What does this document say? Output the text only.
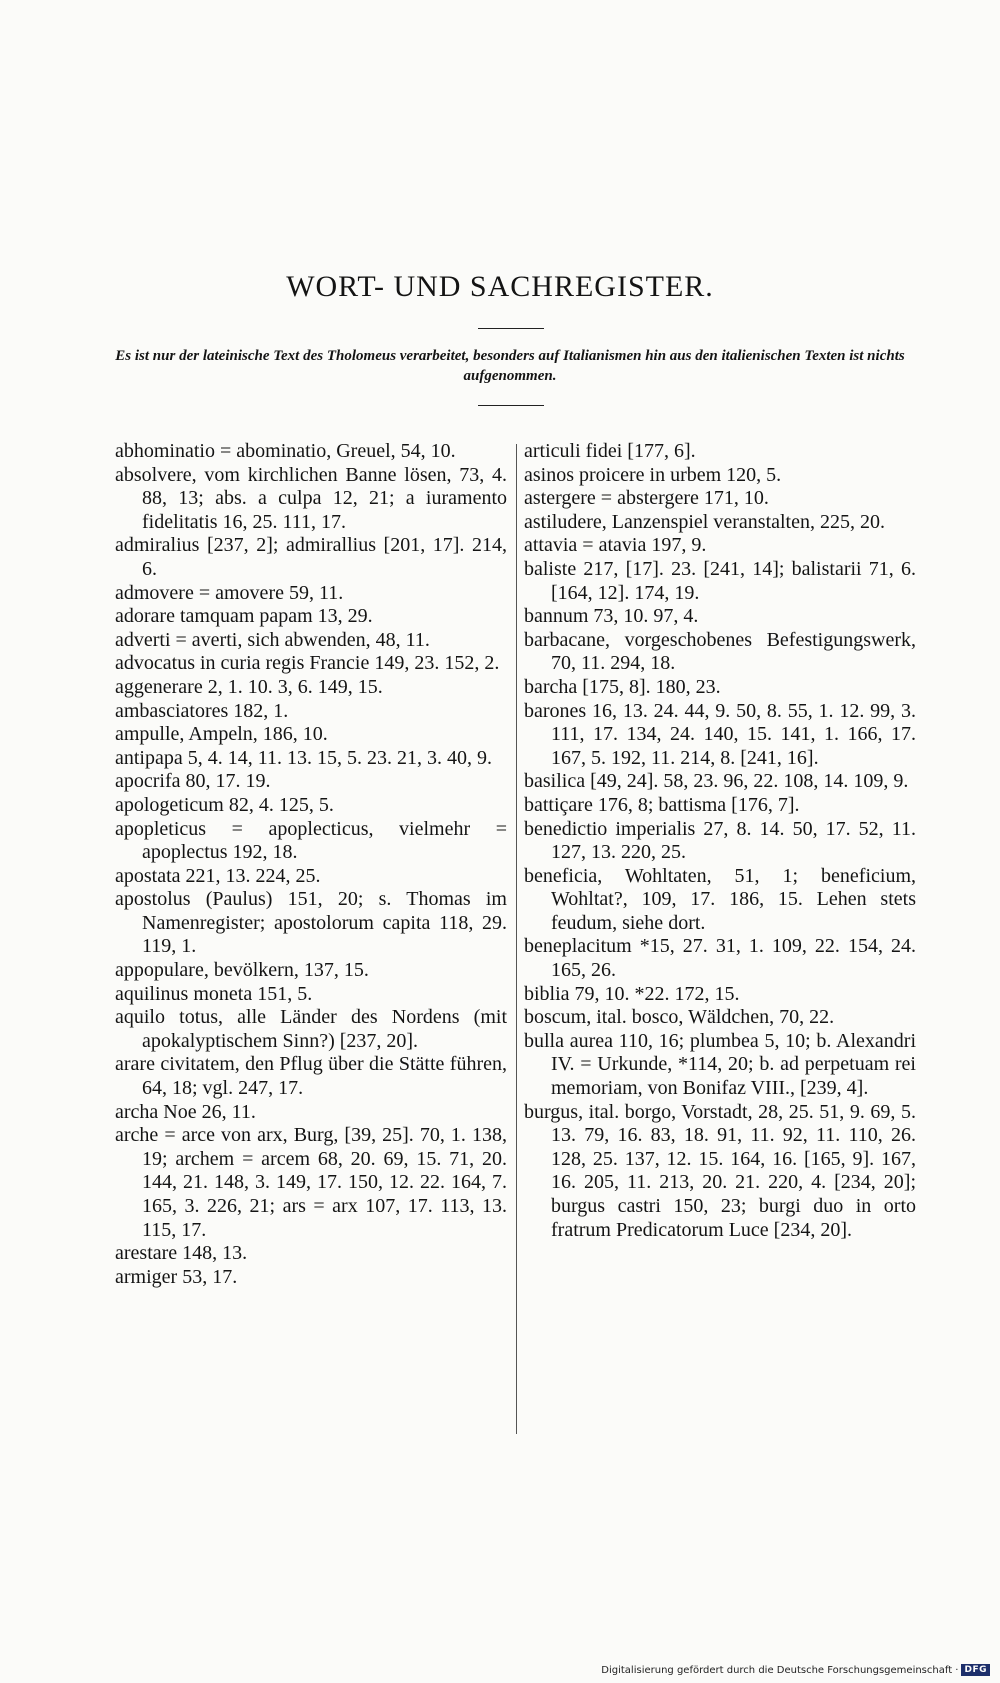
WORT- UND SACHREGISTER.
Es ist nur der lateinische Text des Tholomeus verarbeitet, besonders auf Italianismen hin aus den italienischen Texten ist nichts aufgenommen.

abhominatio = abominatio, Greuel, 54, 10.

absolvere, vom kirchlichen Banne lösen, 73, 4. 88, 13; abs. a culpa 12, 21; a iuramento fidelitatis 16, 25. 111, 17.

admiralius [237, 2]; admirallius [201, 17]. 214, 6.

admovere = amovere 59, 11.

adorare tamquam papam 13, 29.

adverti = averti, sich abwenden, 48, 11.

advocatus in curia regis Francie 149, 23. 152, 2.

aggenerare 2, 1. 10. 3, 6. 149, 15.

ambasciatores 182, 1.

ampulle, Ampeln, 186, 10.

antipapa 5, 4. 14, 11. 13. 15, 5. 23. 21, 3. 40, 9.

apocrifa 80, 17. 19.

apologeticum 82, 4. 125, 5.

apopleticus = apoplecticus, vielmehr = apoplectus 192, 18.

apostata 221, 13. 224, 25.

apostolus (Paulus) 151, 20; s. Thomas im Namenregister; apostolorum capita 118, 29. 119, 1.

appopulare, bevölkern, 137, 15.

aquilinus moneta 151, 5.

aquilo totus, alle Länder des Nordens (mit apokalyptischem Sinn?) [237, 20].

arare civitatem, den Pflug über die Stätte führen, 64, 18; vgl. 247, 17.

archa Noe 26, 11.

arche = arce von arx, Burg, [39, 25]. 70, 1. 138, 19; archem = arcem 68, 20. 69, 15. 71, 20. 144, 21. 148, 3. 149, 17. 150, 12. 22. 164, 7. 165, 3. 226, 21; ars = arx 107, 17. 113, 13. 115, 17.

arestare 148, 13.

armiger 53, 17.

articuli fidei [177, 6].

asinos proicere in urbem 120, 5.

astergere = abstergere 171, 10.

astiludere, Lanzenspiel veranstalten, 225, 20.

attavia = atavia 197, 9.

baliste 217, [17]. 23. [241, 14]; balistarii 71, 6. [164, 12]. 174, 19.

bannum 73, 10. 97, 4.

barbacane, vorgeschobenes Befestigungswerk, 70, 11. 294, 18.

barcha [175, 8]. 180, 23.

barones 16, 13. 24. 44, 9. 50, 8. 55, 1. 12. 99, 3. 111, 17. 134, 24. 140, 15. 141, 1. 166, 17. 167, 5. 192, 11. 214, 8. [241, 16].

basilica [49, 24]. 58, 23. 96, 22. 108, 14. 109, 9.

battiçare 176, 8; battisma [176, 7].

benedictio imperialis 27, 8. 14. 50, 17. 52, 11. 127, 13. 220, 25.

beneficia, Wohltaten, 51, 1; beneficium, Wohltat?, 109, 17. 186, 15. Lehen stets feudum, siehe dort.

beneplacitum *15, 27. 31, 1. 109, 22. 154, 24. 165, 26.

biblia 79, 10. *22. 172, 15.

boscum, ital. bosco, Wäldchen, 70, 22.

bulla aurea 110, 16; plumbea 5, 10; b. Alexandri IV. = Urkunde, *114, 20; b. ad perpetuam rei memoriam, von Bonifaz VIII., [239, 4].

burgus, ital. borgo, Vorstadt, 28, 25. 51, 9. 69, 5. 13. 79, 16. 83, 18. 91, 11. 92, 11. 110, 26. 128, 25. 137, 12. 15. 164, 16. [165, 9]. 167, 16. 205, 11. 213, 20. 21. 220, 4. [234, 20]; burgus castri 150, 23; burgi duo in orto fratrum Predicatorum Luce [234, 20].

Digitalisierung gefördert durch die Deutsche Forschungsgemeinschaft · DFG
